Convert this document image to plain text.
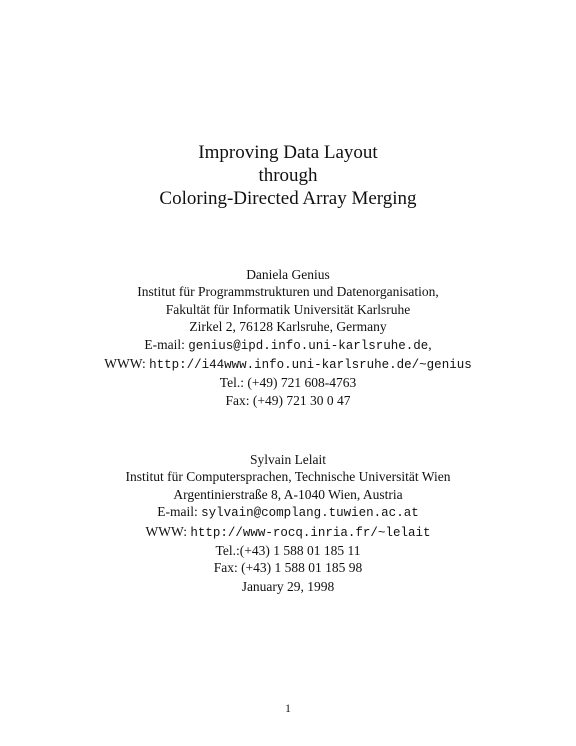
Improving Data Layout
through
Coloring-Directed Array Merging
Daniela Genius
Institut für Programmstrukturen und Datenorganisation,
Fakultät für Informatik Universität Karlsruhe
Zirkel 2, 76128 Karlsruhe, Germany
E-mail: genius@ipd.info.uni-karlsruhe.de,
WWW: http://i44www.info.uni-karlsruhe.de/~genius
Tel.: (+49) 721 608-4763
Fax: (+49) 721 30 0 47
Sylvain Lelait
Institut für Computersprachen, Technische Universität Wien
Argentinierstraße 8, A-1040 Wien, Austria
E-mail: sylvain@complang.tuwien.ac.at
WWW: http://www-rocq.inria.fr/~lelait
Tel.:(+43) 1 588 01 185 11
Fax: (+43) 1 588 01 185 98
January 29, 1998
1
